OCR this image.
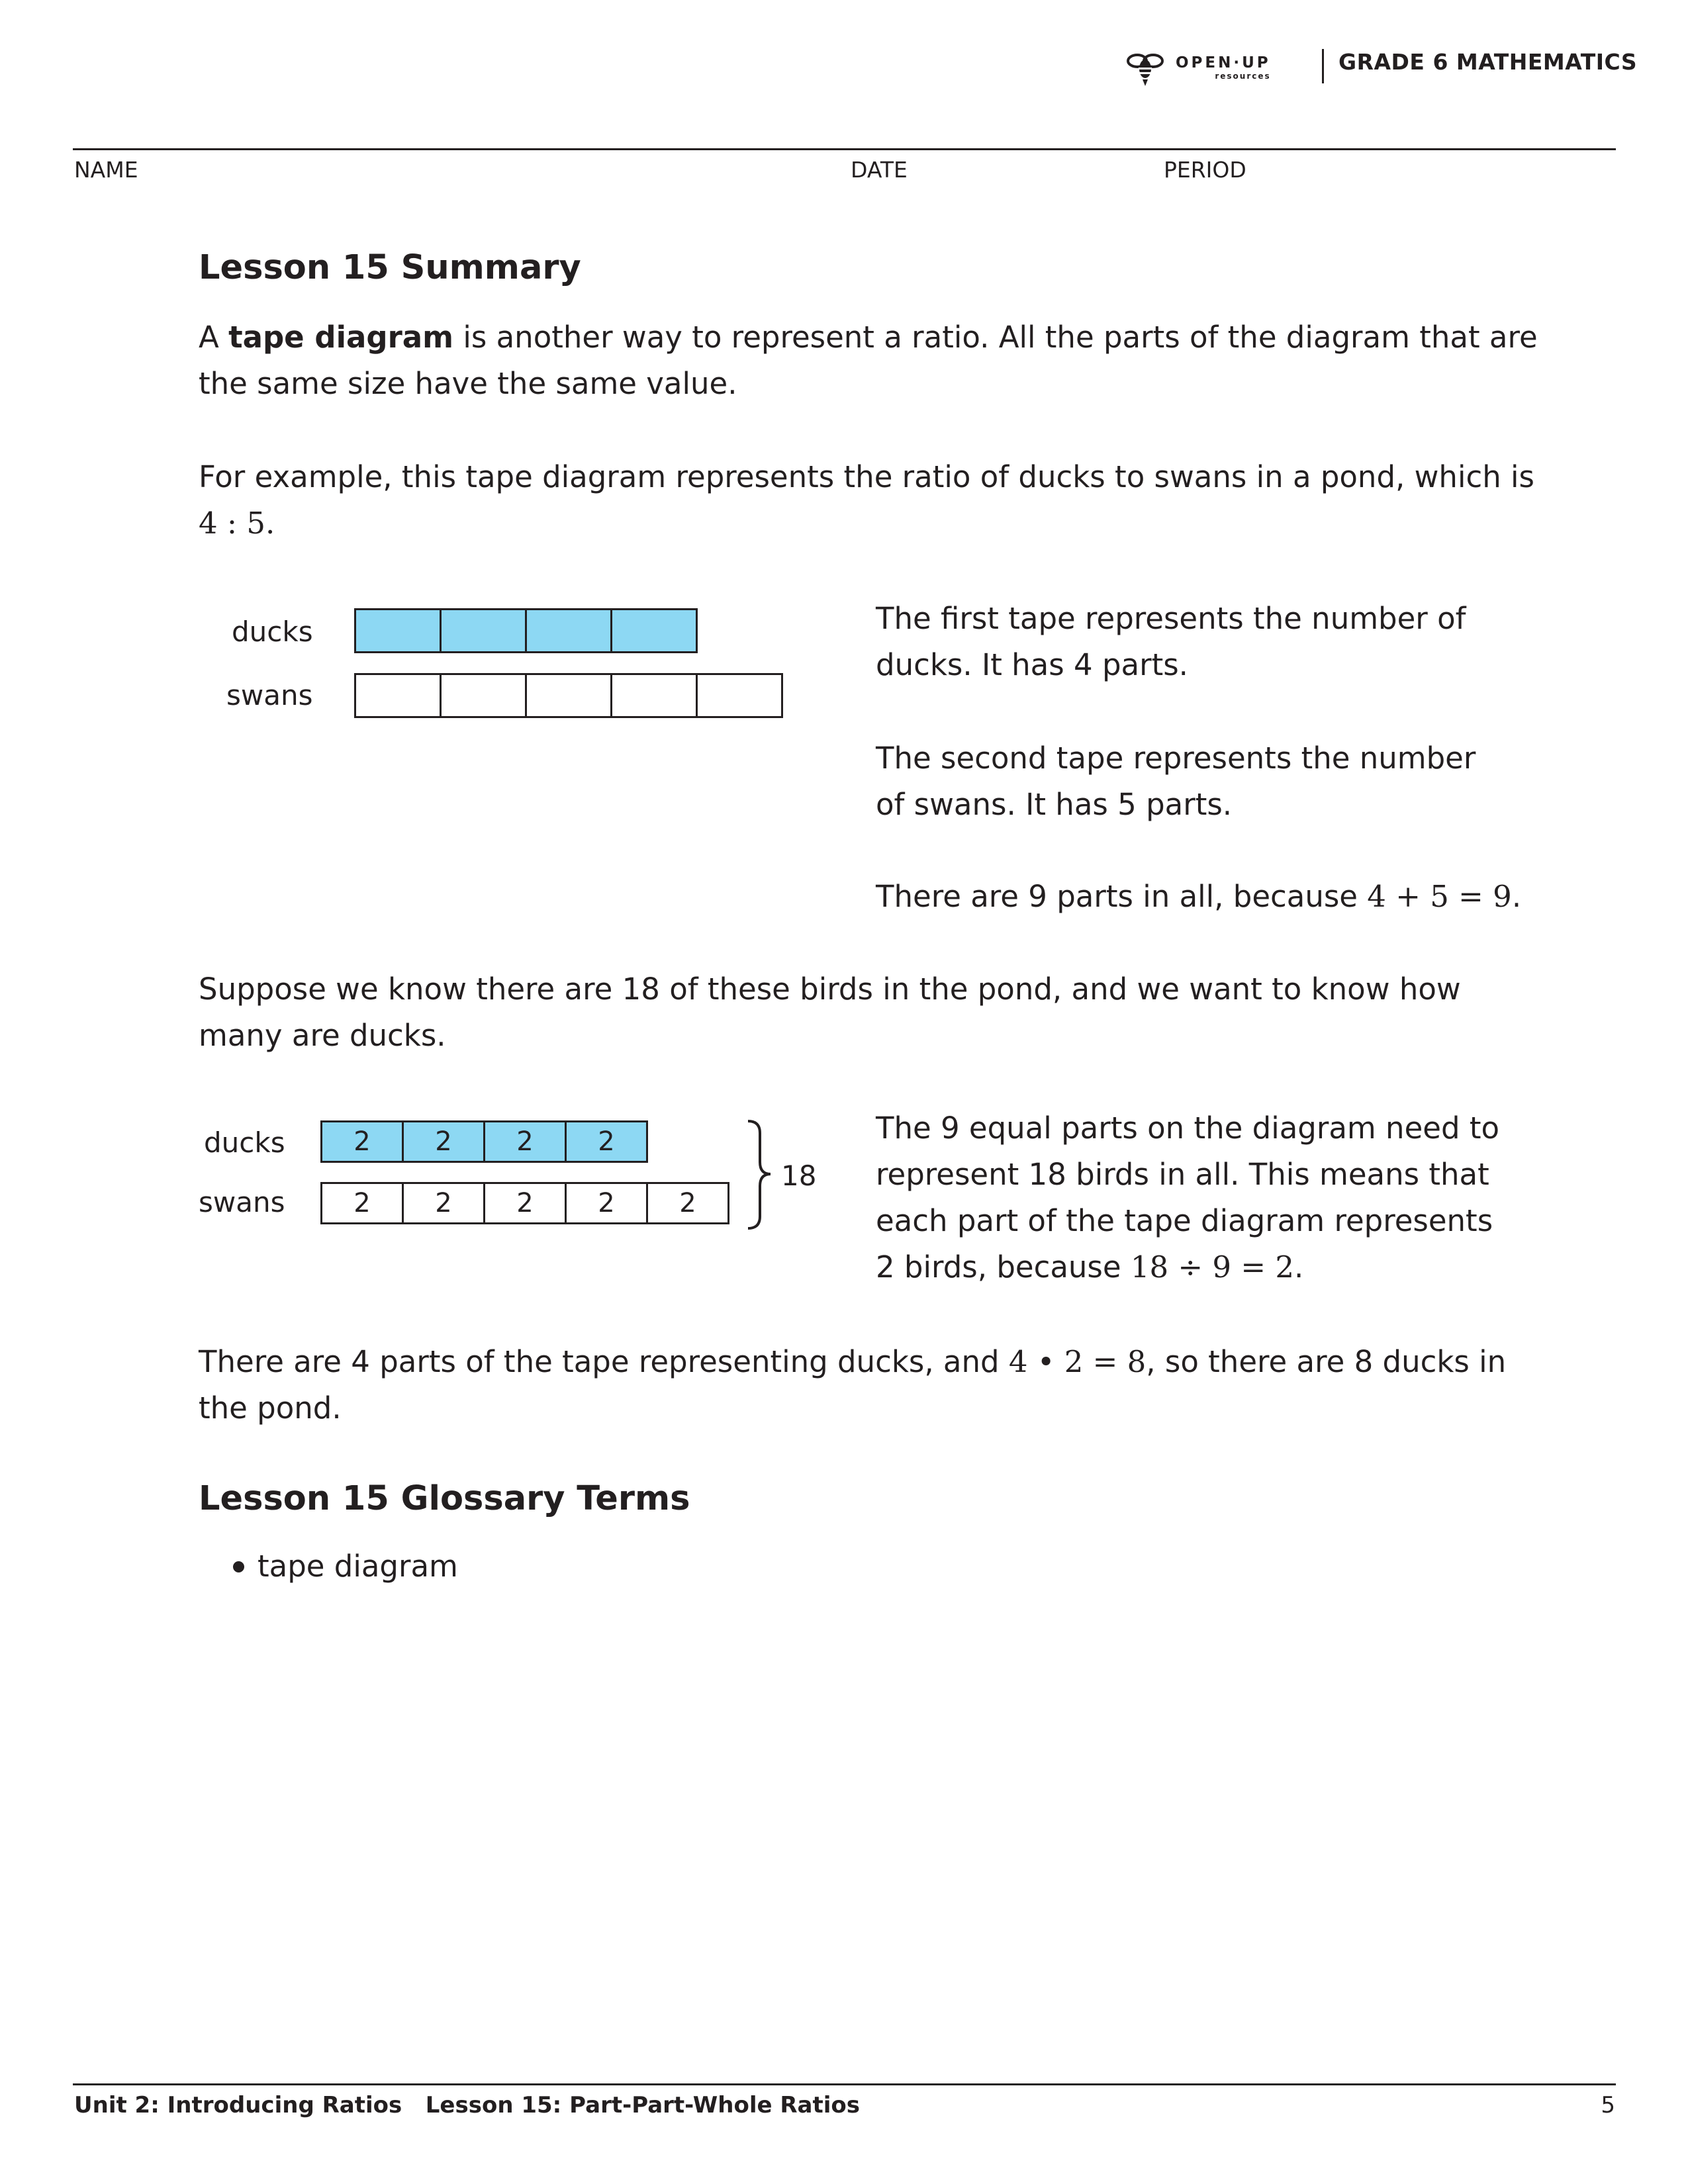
OPEN·UP
resources
GRADE 6 MATHEMATICS
NAME	DATE	PERIOD
Lesson 15 Summary
A tape diagram is another way to represent a ratio. All the parts of the diagram that are
the same size have the same value.
For example, this tape diagram represents the ratio of ducks to swans in a pond, which is
4 : 5.
ducks
swans
The first tape represents the number of
ducks. It has 4 parts.
The second tape represents the number
of swans. It has 5 parts.
There are 9 parts in all, because 4 + 5 = 9.
Suppose we know there are 18 of these birds in the pond, and we want to know how
many are ducks.
ducks
swans
2	2	2	2
2	2	2	2	2
18
The 9 equal parts on the diagram need to
represent 18 birds in all. This means that
each part of the tape diagram represents
2 birds, because 18 ÷ 9 = 2.
There are 4 parts of the tape representing ducks, and 4 • 2 = 8, so there are 8 ducks in
the pond.
Lesson 15 Glossary Terms
tape diagram
Unit 2: Introducing Ratios Lesson 15: Part-Part-Whole Ratios	5
